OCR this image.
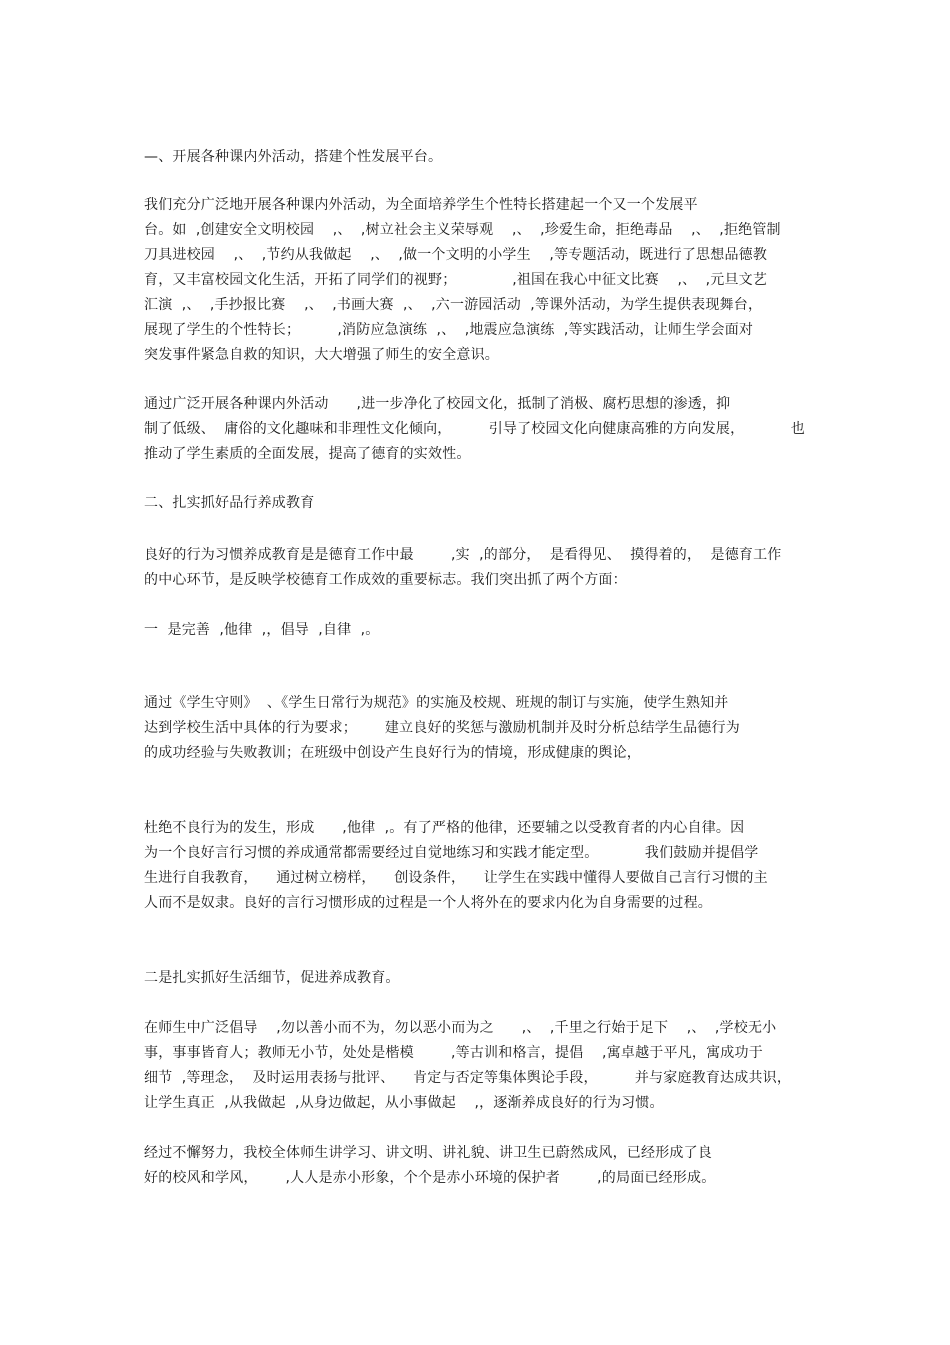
—、开展各种课内外活动，搭建个性发展平台。
我们充分广泛地开展各种课内外活动，为全面培养学生个性特长搭建起一个又一个发展平
台。如  ,创建安全文明校园    ,、  ,树立社会主义荣辱观    ,、  ,珍爱生命，拒绝毒品    ,、  ,拒绝管制
刀具进校园    ,、  ,节约从我做起    ,、  ,做一个文明的小学生    ,等专题活动，既进行了思想品德教
育，又丰富校园文化生活，开拓了同学们的视野；            ,祖国在我心中征文比赛    ,、  ,元旦文艺
汇演  ,、  ,手抄报比赛    ,、  ,书画大赛  ,、  ,六一游园活动  ,等课外活动，为学生提供表现舞台，
展现了学生的个性特长；        ,消防应急演练  ,、  ,地震应急演练  ,等实践活动，让师生学会面对
突发事件紧急自救的知识，大大增强了师生的安全意识。
通过广泛开展各种课内外活动      ,进一步净化了校园文化，抵制了消极、腐朽思想的渗透，抑
制了低级、  庸俗的文化趣味和非理性文化倾向，        引导了校园文化向健康高雅的方向发展，          也
推动了学生素质的全面发展，提高了德育的实效性。
二、扎实抓好品行养成教育
良好的行为习惯养成教育是是德育工作中最        ,实  ,的部分，  是看得见、  摸得着的，  是德育工作
的中心环节，是反映学校德育工作成效的重要标志。我们突出抓了两个方面：
一  是完善  ,他律  ,，倡导  ,自律  ,。
通过《学生守则》  、《学生日常行为规范》的实施及校规、班规的制订与实施，使学生熟知并
达到学校生活中具体的行为要求；      建立良好的奖惩与激励机制并及时分析总结学生品德行为
的成功经验与失败教训；在班级中创设产生良好行为的情境，形成健康的舆论，
杜绝不良行为的发生，形成      ,他律  ,。有了严格的他律，还要辅之以受教育者的内心自律。因
为一个良好言行习惯的养成通常都需要经过自觉地练习和实践才能定型。          我们鼓励并提倡学
生进行自我教育，    通过树立榜样，    创设条件，    让学生在实践中懂得人要做自己言行习惯的主
人而不是奴隶。良好的言行习惯形成的过程是一个人将外在的要求内化为自身需要的过程。
二是扎实抓好生活细节，促进养成教育。
在师生中广泛倡导    ,勿以善小而不为，勿以恶小而为之      ,、  ,千里之行始于足下    ,、  ,学校无小
事，事事皆育人；教师无小节，处处是楷模        ,等古训和格言，提倡    ,寓卓越于平凡，寓成功于
细节  ,等理念，  及时运用表扬与批评、    肯定与否定等集体舆论手段，        并与家庭教育达成共识，
让学生真正  ,从我做起  ,从身边做起，从小事做起    ,，逐渐养成良好的行为习惯。
经过不懈努力，我校全体师生讲学习、讲文明、讲礼貌、讲卫生已蔚然成风，已经形成了良
好的校风和学风，      ,人人是赤小形象，个个是赤小环境的保护者        ,的局面已经形成。
